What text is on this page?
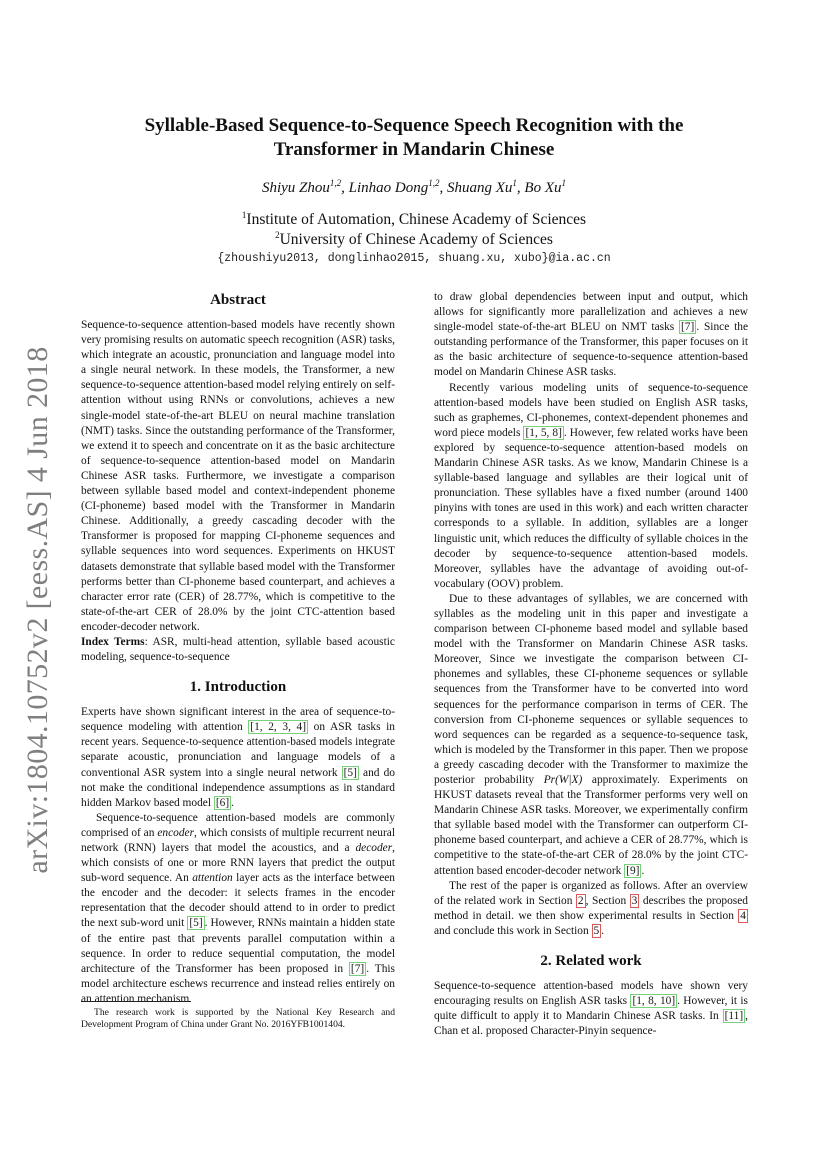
arXiv:1804.10752v2 [eess.AS] 4 Jun 2018
Syllable-Based Sequence-to-Sequence Speech Recognition with the
Transformer in Mandarin Chinese
Shiyu Zhou$^{1,2}$, Linhao Dong$^{1,2}$, Shuang Xu$^1$, Bo Xu$^1$
$^1$Institute of Automation, Chinese Academy of Sciences
$^2$University of Chinese Academy of Sciences
{zhoushiyu2013, donglinhao2015, shuang.xu, xubo}@ia.ac.cn
Abstract

Sequence-to-sequence attention-based models have recently shown very promising results on automatic speech recognition (ASR) tasks, which integrate an acoustic, pronunciation and language model into a single neural network. In these models, the Transformer, a new sequence-to-sequence attention-based model relying entirely on self-attention without using RNNs or convolutions, achieves a new single-model state-of-the-art BLEU on neural machine translation (NMT) tasks. Since the outstanding performance of the Transformer, we extend it to speech and concentrate on it as the basic architecture of sequence-to-sequence attention-based model on Mandarin Chinese ASR tasks. Furthermore, we investigate a comparison between syllable based model and context-independent phoneme (CI-phoneme) based model with the Transformer in Mandarin Chinese. Additionally, a greedy cascading decoder with the Transformer is proposed for mapping CI-phoneme sequences and syllable sequences into word sequences. Experiments on HKUST datasets demonstrate that syllable based model with the Transformer performs better than CI-phoneme based counterpart, and achieves a character error rate (CER) of 28.77%, which is competitive to the state-of-the-art CER of 28.0% by the joint CTC-attention based encoder-decoder network.

Index Terms: ASR, multi-head attention, syllable based acoustic modeling, sequence-to-sequence

1. Introduction

Experts have shown significant interest in the area of sequence-to-sequence modeling with attention [1, 2, 3, 4] on ASR tasks in recent years. Sequence-to-sequence attention-based models integrate separate acoustic, pronunciation and language models of a conventional ASR system into a single neural network [5] and do not make the conditional independence assumptions as in standard hidden Markov based model [6] .

Sequence-to-sequence attention-based models are commonly comprised of an encoder, which consists of multiple recurrent neural network (RNN) layers that model the acoustics, and a decoder, which consists of one or more RNN layers that predict the output sub-word sequence. An attention layer acts as the interface between the encoder and the decoder: it selects frames in the encoder representation that the decoder should attend to in order to predict the next sub-word unit [5] . However, RNNs maintain a hidden state of the entire past that prevents parallel computation within a sequence. In order to reduce sequential computation, the model architecture of the Transformer has been proposed in [7] . This model architecture eschews recurrence and instead relies entirely on an attention mechanism

to draw global dependencies between input and output, which allows for significantly more parallelization and achieves a new single-model state-of-the-art BLEU on NMT tasks [7] . Since the outstanding performance of the Transformer, this paper focuses on it as the basic architecture of sequence-to-sequence attention-based model on Mandarin Chinese ASR tasks.

Recently various modeling units of sequence-to-sequence attention-based models have been studied on English ASR tasks, such as graphemes, CI-phonemes, context-dependent phonemes and word piece models [1, 5, 8] . However, few related works have been explored by sequence-to-sequence attention-based models on Mandarin Chinese ASR tasks. As we know, Mandarin Chinese is a syllable-based language and syllables are their logical unit of pronunciation. These syllables have a fixed number (around 1400 pinyins with tones are used in this work) and each written character corresponds to a syllable. In addition, syllables are a longer linguistic unit, which reduces the difficulty of syllable choices in the decoder by sequence-to-sequence attention-based models. Moreover, syllables have the advantage of avoiding out-of-vocabulary (OOV) problem.

Due to these advantages of syllables, we are concerned with syllables as the modeling unit in this paper and investigate a comparison between CI-phoneme based model and syllable based model with the Transformer on Mandarin Chinese ASR tasks. Moreover, Since we investigate the comparison between CI-phonemes and syllables, these CI-phoneme sequences or syllable sequences from the Transformer have to be converted into word sequences for the performance comparison in terms of CER. The conversion from CI-phoneme sequences or syllable sequences to word sequences can be regarded as a sequence-to-sequence task, which is modeled by the Transformer in this paper. Then we propose a greedy cascading decoder with the Transformer to maximize the posterior probability Pr(W|X) approximately. Experiments on HKUST datasets reveal that the Transformer performs very well on Mandarin Chinese ASR tasks. Moreover, we experimentally confirm that syllable based model with the Transformer can outperform CI-phoneme based counterpart, and achieve a CER of 28.77%, which is competitive to the state-of-the-art CER of 28.0% by the joint CTC-attention based encoder-decoder network [9] .

The rest of the paper is organized as follows. After an overview of the related work in Section 2 , Section 3 describes the proposed method in detail. we then show experimental results in Section 4 and conclude this work in Section 5 .

2. Related work

Sequence-to-sequence attention-based models have shown very encouraging results on English ASR tasks [1, 8, 10] . However, it is quite difficult to apply it to Mandarin Chinese ASR tasks. In [11] , Chan et al. proposed Character-Pinyin sequence-

The research work is supported by the National Key Research and Development Program of China under Grant No. 2016YFB1001404.
